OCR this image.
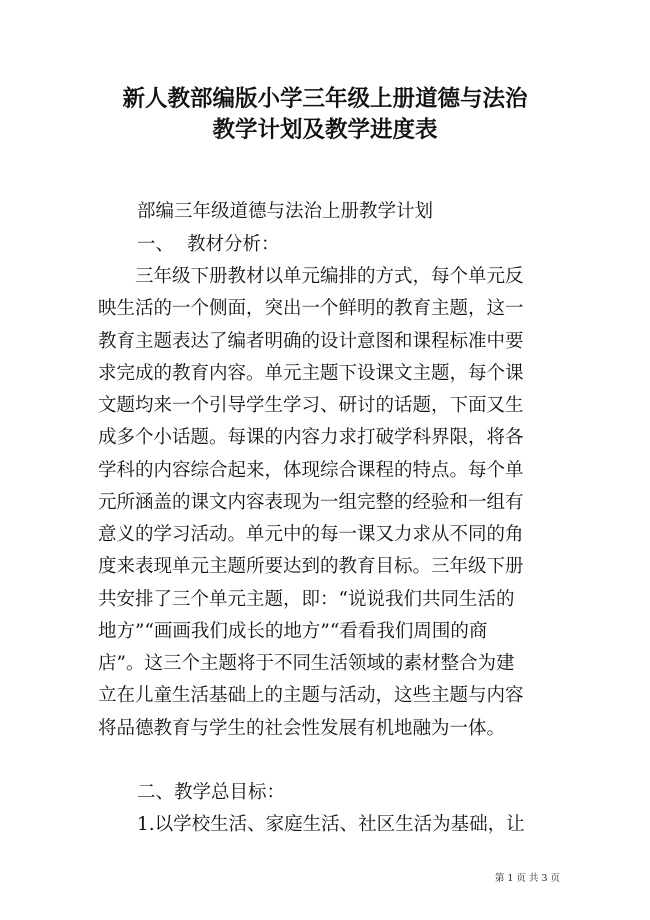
新人教部编版小学三年级上册道德与法治
教学计划及教学进度表

部编三年级道德与法治上册教学计划

一、 教材分析：

　　三年级下册教材以单元编排的方式，每个单元反
映生活的一个侧面，突出一个鲜明的教育主题，这一
教育主题表达了编者明确的设计意图和课程标准中要
求完成的教育内容。单元主题下设课文主题，每个课
文题均来一个引导学生学习、研讨的话题，下面又生
成多个小话题。每课的内容力求打破学科界限，将各
学科的内容综合起来，体现综合课程的特点。每个单
元所涵盖的课文内容表现为一组完整的经验和一组有
意义的学习活动。单元中的每一课又力求从不同的角
度来表现单元主题所要达到的教育目标。三年级下册
共安排了三个单元主题，即：“说说我们共同生活的
地方”“画画我们成长的地方”“看看我们周围的商
店”。这三个主题将于不同生活领域的素材整合为建
立在儿童生活基础上的主题与活动，这些主题与内容
将品德教育与学生的社会性发展有机地融为一体。

二、教学总目标：

1.以学校生活、家庭生活、社区生活为基础，让

第 1 页 共 3 页
